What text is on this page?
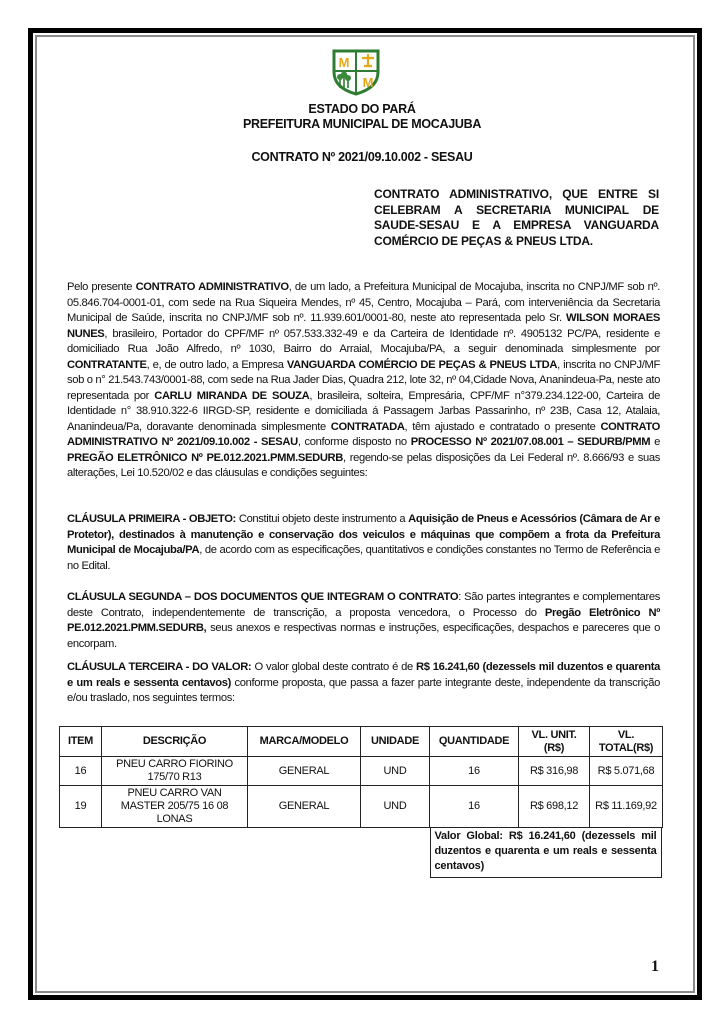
M
M
ESTADO DO PARÁ
PREFEITURA MUNICIPAL DE MOCAJUBA
CONTRATO Nº 2021/09.10.002 - SESAU
CONTRATO ADMINISTRATIVO, QUE ENTRE SI CELEBRAM A SECRETARIA MUNICIPAL DE SAUDE-SESAU E A EMPRESA VANGUARDA COMÉRCIO DE PEÇAS & PNEUS LTDA.
Pelo presente CONTRATO ADMINISTRATIVO, de um lado, a Prefeitura Municipal de Mocajuba, inscrita no CNPJ/MF sob nº. 05.846.704-0001-01, com sede na Rua Siqueira Mendes, nº 45, Centro, Mocajuba – Pará, com interveniência da Secretaria Municipal de Saúde, inscrita no CNPJ/MF sob nº. 11.939.601/0001-80, neste ato representada pelo Sr. WILSON MORAES NUNES, brasileiro, Portador do CPF/MF nº 057.533.332-49 e da Carteira de Identidade nº. 4905132 PC/PA, residente e domiciliado Rua João Alfredo, nº 1030, Bairro do Arraial, Mocajuba/PA, a seguir denominada simplesmente por CONTRATANTE, e, de outro lado, a Empresa VANGUARDA COMÉRCIO DE PEÇAS & PNEUS LTDA, inscrita no CNPJ/MF sob o n° 21.543.743/0001-88, com sede na Rua Jader Dias, Quadra 212, lote 32, nº 04,Cidade Nova, Ananindeua-Pa, neste ato representada por CARLU MIRANDA DE SOUZA, brasileira, solteira, Empresária, CPF/MF n°379.234.122-00, Carteira de Identidade n° 38.910.322-6 IIRGD-SP, residente e domiciliada á Passagem Jarbas Passarinho, nº 23B, Casa 12, Atalaia, Ananindeua/Pa, doravante denominada simplesmente CONTRATADA, têm ajustado e contratado o presente CONTRATO ADMINISTRATIVO Nº 2021/09.10.002 - SESAU, conforme disposto no PROCESSO Nº 2021/07.08.001 – SEDURB/PMM e PREGÃO ELETRÔNICO Nº PE.012.2021.PMM.SEDURB, regendo-se pelas disposições da Lei Federal nº. 8.666/93 e suas alterações, Lei 10.520/02 e das cláusulas e condições seguintes:
CLÁUSULA PRIMEIRA - OBJETO: Constitui objeto deste instrumento a Aquisição de Pneus e Acessórios (Câmara de Ar e Protetor), destinados à manutenção e conservação dos veiculos e máquinas que compõem a frota da Prefeitura Municipal de Mocajuba/PA, de acordo com as especificações, quantitativos e condições constantes no Termo de Referência e no Edital.
CLÁUSULA SEGUNDA – DOS DOCUMENTOS QUE INTEGRAM O CONTRATO: São partes integrantes e complementares deste Contrato, independentemente de transcrição, a proposta vencedora, o Processo do Pregão Eletrônico Nº PE.012.2021.PMM.SEDURB, seus anexos e respectivas normas e instruções, especificações, despachos e pareceres que o encorpam.
CLÁUSULA TERCEIRA - DO VALOR: O valor global deste contrato é de R$ 16.241,60 (dezessels mil duzentos e quarenta e um reals e sessenta centavos) conforme proposta, que passa a fazer parte integrante deste, independente da transcrição e/ou traslado, nos seguintes termos:
ITEM	DESCRIÇÃO	MARCA/MODELO	UNIDADE	QUANTIDADE	VL. UNIT. (R$)	VL. TOTAL(R$)
16	PNEU CARRO FIORINO 175/70 R13	GENERAL	UND	16	R$ 316,98	R$ 5.071,68
19	PNEU CARRO VAN MASTER 205/75 16 08 LONAS	GENERAL	UND	16	R$ 698,12	R$ 11.169,92
Valor Global: R$ 16.241,60 (dezessels mil duzentos e quarenta e um reals e sessenta centavos)
1
